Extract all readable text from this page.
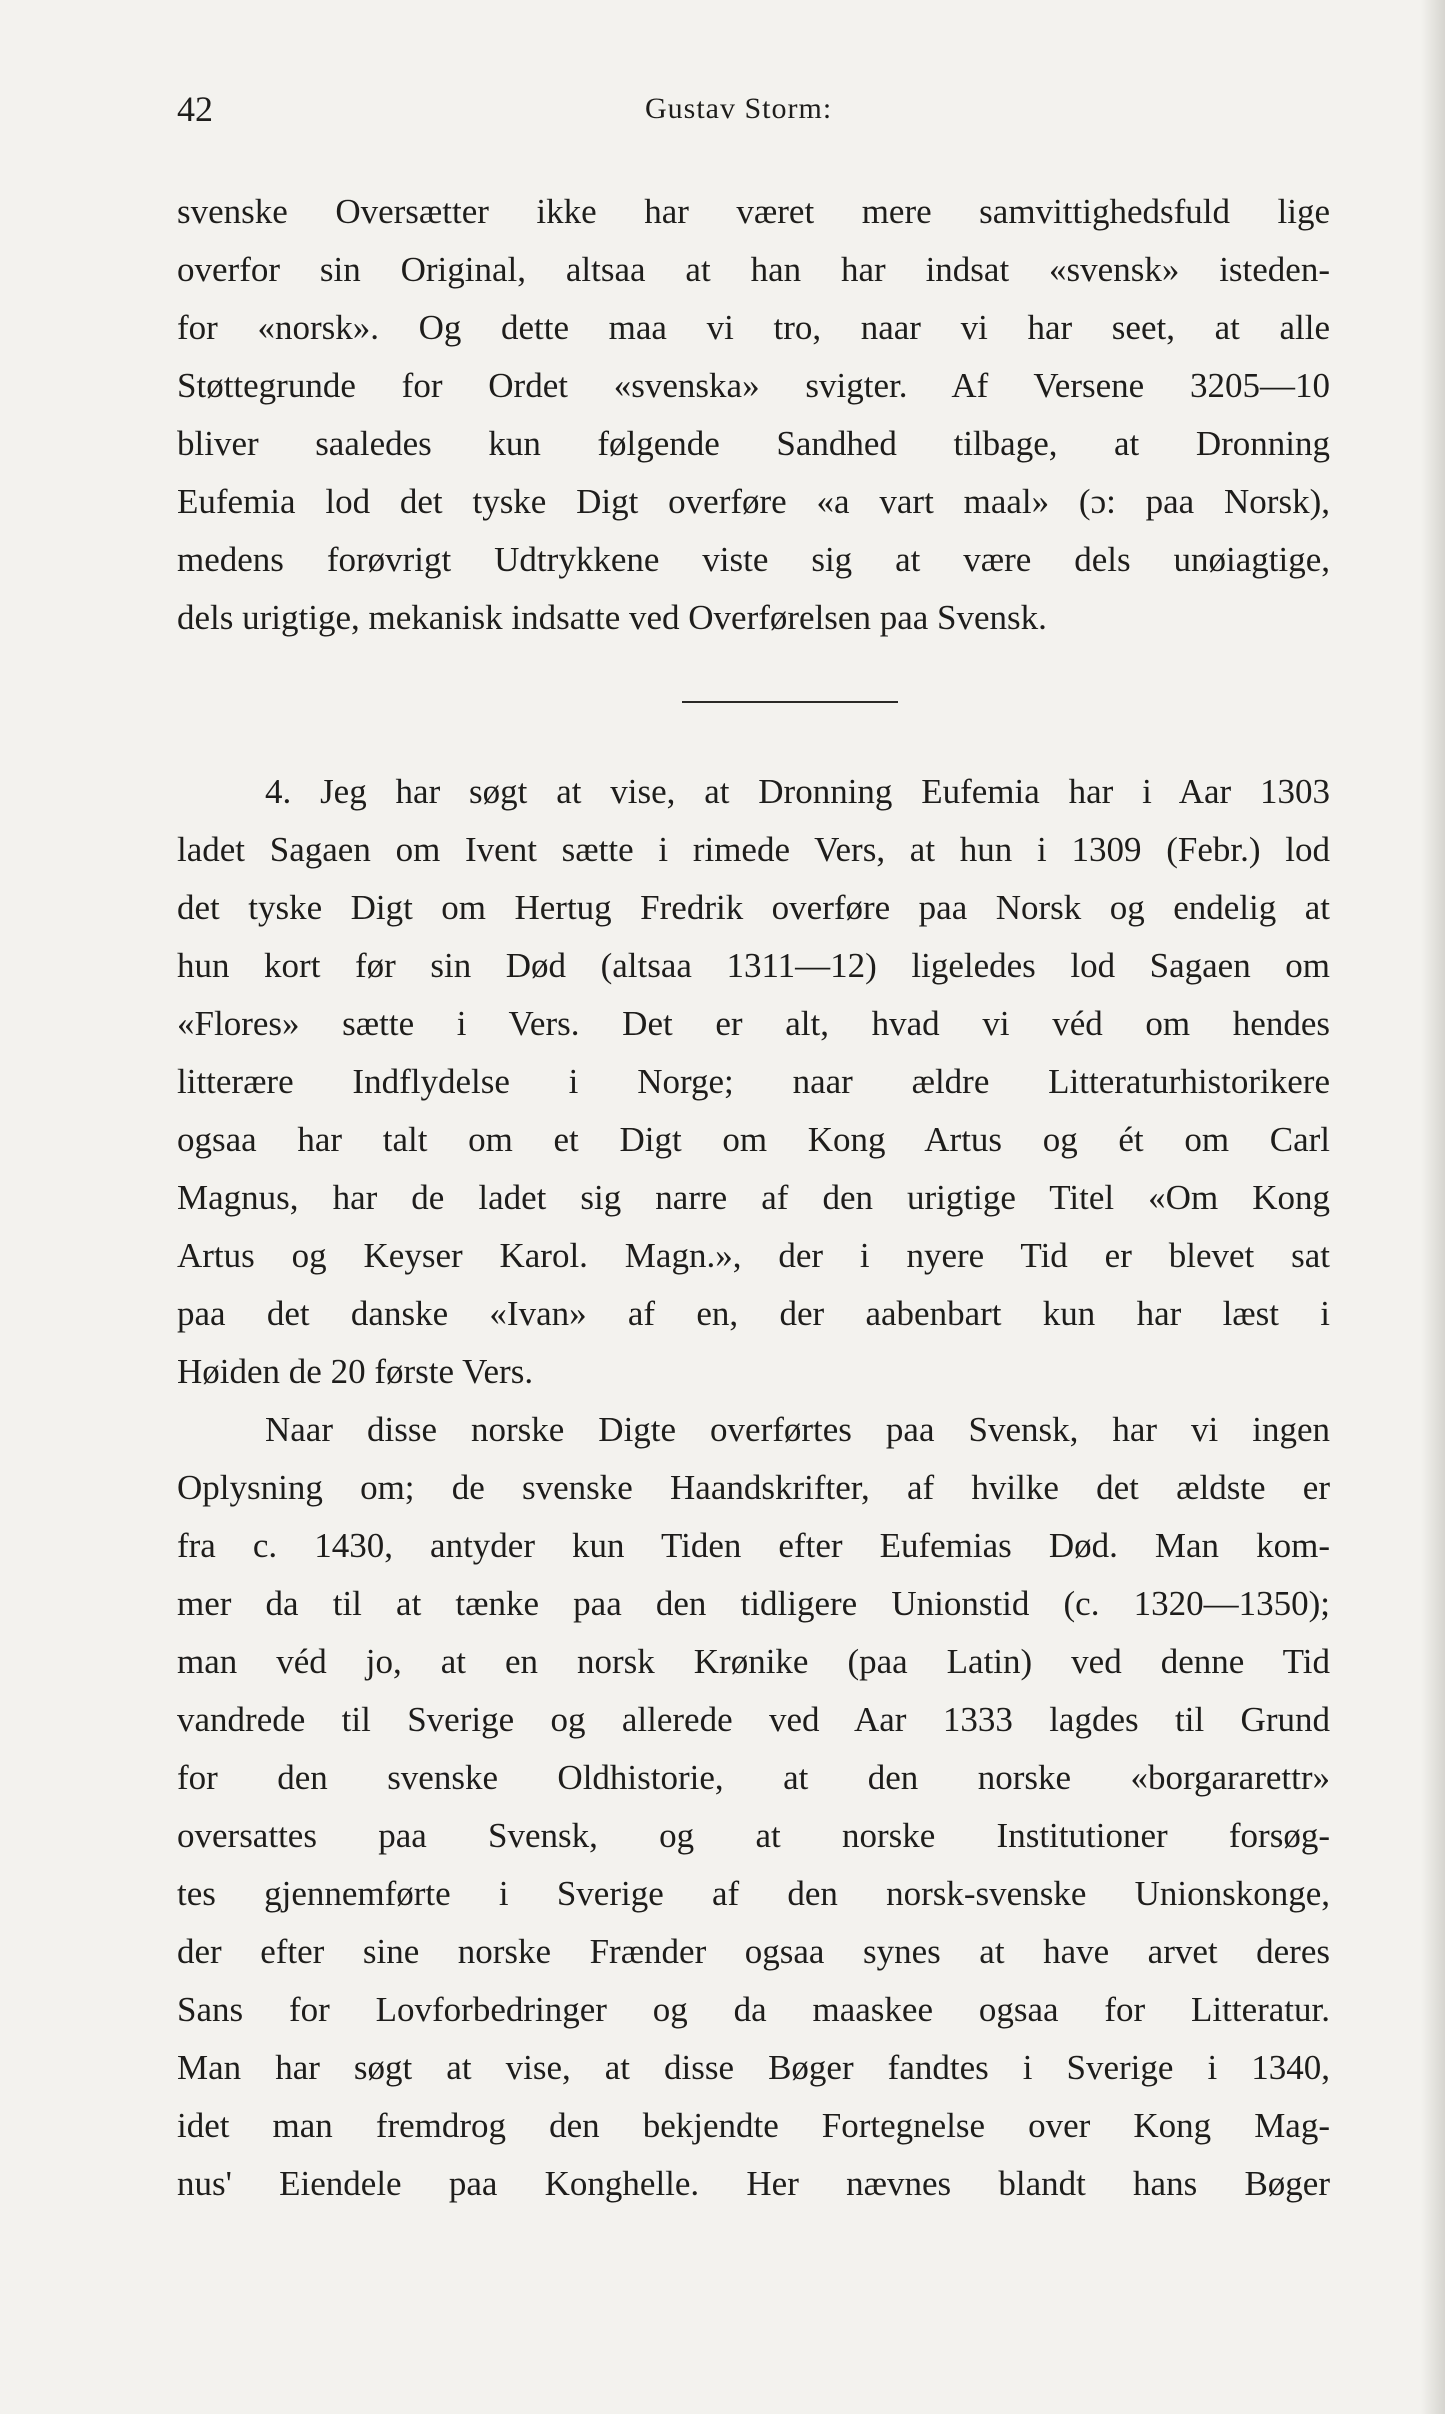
42	Gustav Storm:
svenske Oversætter ikke har været mere samvittighedsfuld lige
overfor sin Original, altsaa at han har indsat «svensk» isteden-
for «norsk». Og dette maa vi tro, naar vi har seet, at alle
Støttegrunde for Ordet «svenska» svigter. Af Versene 3205—10
bliver saaledes kun følgende Sandhed tilbage, at Dronning
Eufemia lod det tyske Digt overføre «a vart maal» (ɔ: paa Norsk),
medens forøvrigt Udtrykkene viste sig at være dels unøiagtige,
dels urigtige, mekanisk indsatte ved Overførelsen paa Svensk.
4. Jeg har søgt at vise, at Dronning Eufemia har i Aar 1303
ladet Sagaen om Ivent sætte i rimede Vers, at hun i 1309 (Febr.) lod
det tyske Digt om Hertug Fredrik overføre paa Norsk og endelig at
hun kort før sin Død (altsaa 1311—12) ligeledes lod Sagaen om
«Flores» sætte i Vers. Det er alt, hvad vi véd om hendes
litterære Indflydelse i Norge; naar ældre Litteraturhistorikere
ogsaa har talt om et Digt om Kong Artus og ét om Carl
Magnus, har de ladet sig narre af den urigtige Titel «Om Kong
Artus og Keyser Karol. Magn.», der i nyere Tid er blevet sat
paa det danske «Ivan» af en, der aabenbart kun har læst i
Høiden de 20 første Vers.
Naar disse norske Digte overførtes paa Svensk, har vi ingen
Oplysning om; de svenske Haandskrifter, af hvilke det ældste er
fra c. 1430, antyder kun Tiden efter Eufemias Død. Man kom-
mer da til at tænke paa den tidligere Unionstid (c. 1320—1350);
man véd jo, at en norsk Krønike (paa Latin) ved denne Tid
vandrede til Sverige og allerede ved Aar 1333 lagdes til Grund
for den svenske Oldhistorie, at den norske «borgararettr»
oversattes paa Svensk, og at norske Institutioner forsøg-
tes gjennemførte i Sverige af den norsk-svenske Unionskonge,
der efter sine norske Frænder ogsaa synes at have arvet deres
Sans for Lovforbedringer og da maaskee ogsaa for Litteratur.
Man har søgt at vise, at disse Bøger fandtes i Sverige i 1340,
idet man fremdrog den bekjendte Fortegnelse over Kong Mag-
nus' Eiendele paa Konghelle. Her nævnes blandt hans Bøger
